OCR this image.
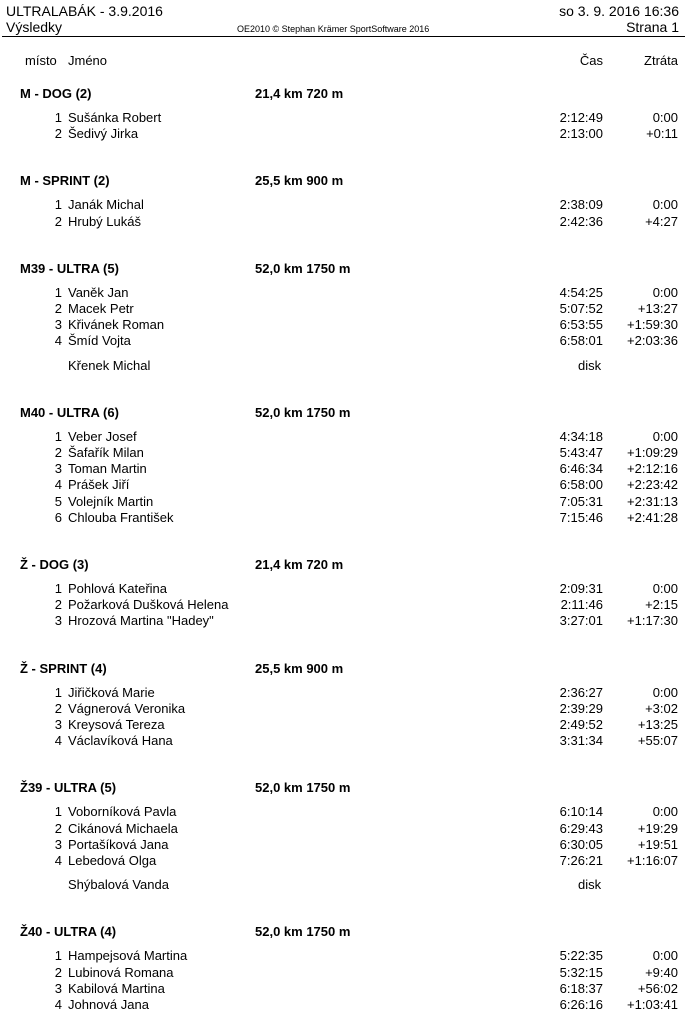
ULTRALABÁK - 3.9.2016	so 3. 9. 2016 16:36
Výsledky	OE2010 © Stephan Krämer SportSoftware 2016	Strana 1
místo Jméno	Čas	Ztráta
M - DOG (2)	21,4 km 720 m
1 Sušánka Robert	2:12:49	0:00
2 Šedivý Jirka	2:13:00	+0:11
M - SPRINT (2)	25,5 km 900 m
1 Janák Michal	2:38:09	0:00
2 Hrubý Lukáš	2:42:36	+4:27
M39 - ULTRA (5)	52,0 km 1750 m
1 Vaněk Jan	4:54:25	0:00
2 Macek Petr	5:07:52	+13:27
3 Křivánek Roman	6:53:55 +1:59:30
4 Šmíd Vojta	6:58:01 +2:03:36
Křenek Michal	disk
M40 - ULTRA (6)	52,0 km 1750 m
1 Veber Josef	4:34:18	0:00
2 Šafařík Milan	5:43:47 +1:09:29
3 Toman Martin	6:46:34 +2:12:16
4 Prášek Jiří	6:58:00 +2:23:42
5 Volejník Martin	7:05:31 +2:31:13
6 Chlouba František	7:15:46 +2:41:28
Ž - DOG (3)	21,4 km 720 m
1 Pohlová Kateřina	2:09:31	0:00
2 Požarková Dušková Helena	2:11:46	+2:15
3 Hrozová Martina "Hadey"	3:27:01 +1:17:30
Ž - SPRINT (4)	25,5 km 900 m
1 Jiřičková Marie	2:36:27	0:00
2 Vágnerová Veronika	2:39:29	+3:02
3 Kreysová Tereza	2:49:52	+13:25
4 Václavíková Hana	3:31:34	+55:07
Ž39 - ULTRA (5)	52,0 km 1750 m
1 Voborníková Pavla	6:10:14	0:00
2 Cikánová Michaela	6:29:43	+19:29
3 Portašíková Jana	6:30:05	+19:51
4 Lebedová Olga	7:26:21 +1:16:07
Shýbalová Vanda	disk
Ž40 - ULTRA (4)	52,0 km 1750 m
1 Hampejsová Martina	5:22:35	0:00
2 Lubinová Romana	5:32:15	+9:40
3 Kabilová Martina	6:18:37	+56:02
4 Johnová Jana	6:26:16 +1:03:41
